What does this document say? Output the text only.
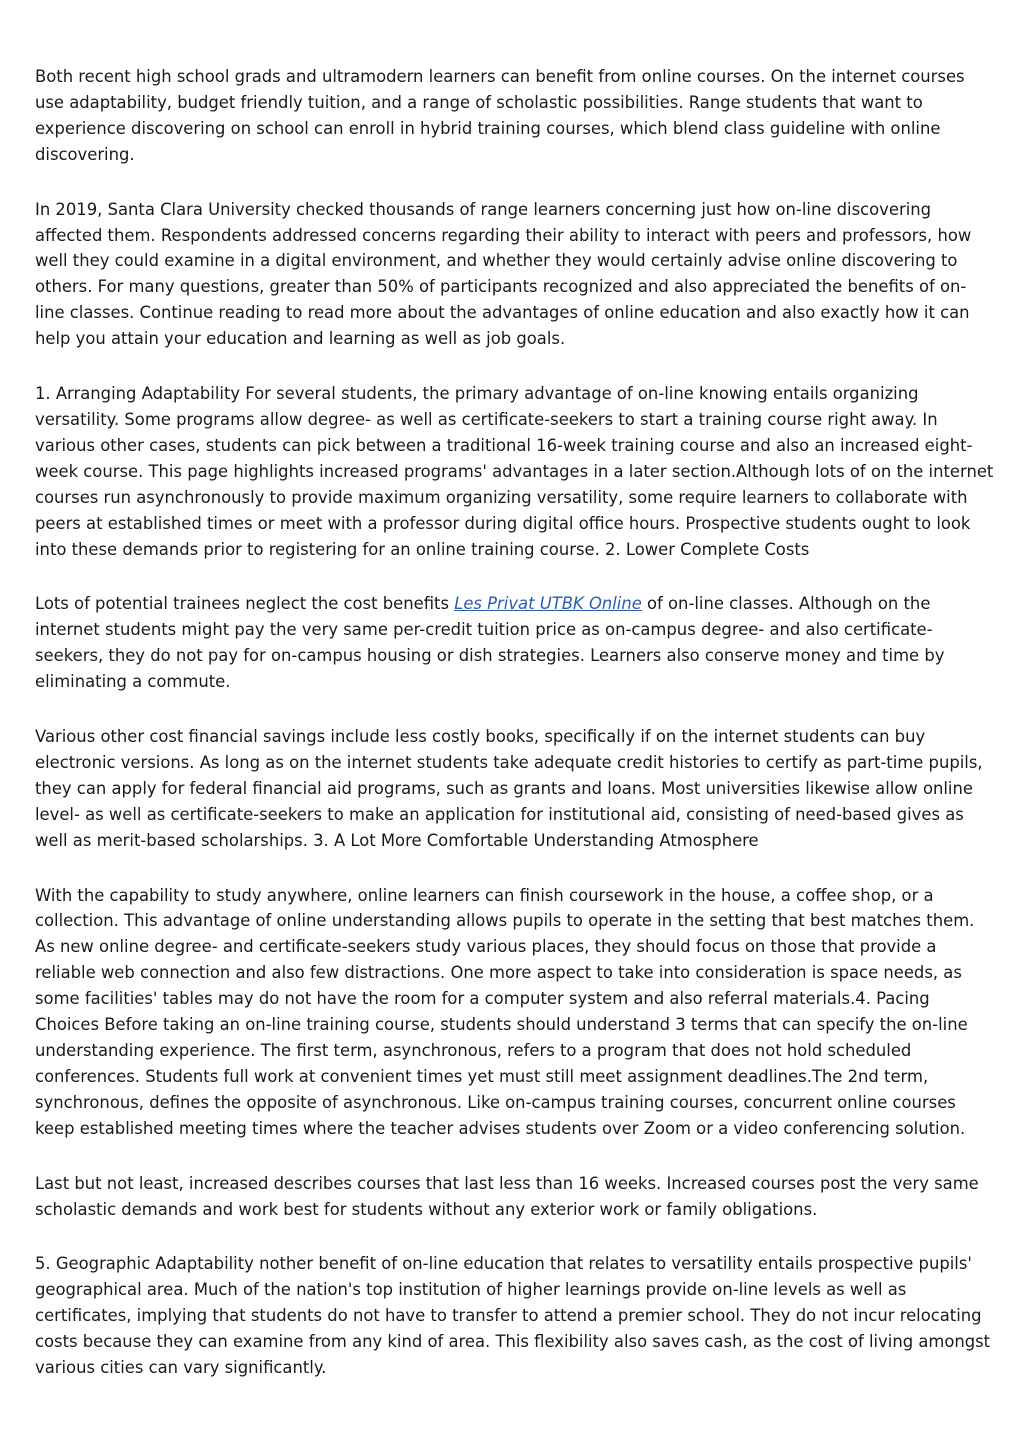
Both recent high school grads and ultramodern learners can benefit from online courses. On the internet courses use adaptability, budget friendly tuition, and a range of scholastic possibilities. Range students that want to experience discovering on school can enroll in hybrid training courses, which blend class guideline with online discovering.

In 2019, Santa Clara University checked thousands of range learners concerning just how on-line discovering affected them. Respondents addressed concerns regarding their ability to interact with peers and professors, how well they could examine in a digital environment, and whether they would certainly advise online discovering to others. For many questions, greater than 50% of participants recognized and also appreciated the benefits of on-line classes. Continue reading to read more about the advantages of online education and also exactly how it can help you attain your education and learning as well as job goals.

1. Arranging Adaptability For several students, the primary advantage of on-line knowing entails organizing versatility. Some programs allow degree- as well as certificate-seekers to start a training course right away. In various other cases, students can pick between a traditional 16-week training course and also an increased eight-week course. This page highlights increased programs' advantages in a later section.Although lots of on the internet courses run asynchronously to provide maximum organizing versatility, some require learners to collaborate with peers at established times or meet with a professor during digital office hours. Prospective students ought to look into these demands prior to registering for an online training course. 2. Lower Complete Costs

Lots of potential trainees neglect the cost benefits Les Privat UTBK Online of on-line classes. Although on the internet students might pay the very same per-credit tuition price as on-campus degree- and also certificate-seekers, they do not pay for on-campus housing or dish strategies. Learners also conserve money and time by eliminating a commute.

Various other cost financial savings include less costly books, specifically if on the internet students can buy electronic versions. As long as on the internet students take adequate credit histories to certify as part-time pupils, they can apply for federal financial aid programs, such as grants and loans. Most universities likewise allow online level- as well as certificate-seekers to make an application for institutional aid, consisting of need-based gives as well as merit-based scholarships. 3. A Lot More Comfortable Understanding Atmosphere

With the capability to study anywhere, online learners can finish coursework in the house, a coffee shop, or a collection. This advantage of online understanding allows pupils to operate in the setting that best matches them. As new online degree- and certificate-seekers study various places, they should focus on those that provide a reliable web connection and also few distractions. One more aspect to take into consideration is space needs, as some facilities' tables may do not have the room for a computer system and also referral materials.4. Pacing Choices Before taking an on-line training course, students should understand 3 terms that can specify the on-line understanding experience. The first term, asynchronous, refers to a program that does not hold scheduled conferences. Students full work at convenient times yet must still meet assignment deadlines.The 2nd term, synchronous, defines the opposite of asynchronous. Like on-campus training courses, concurrent online courses keep established meeting times where the teacher advises students over Zoom or a video conferencing solution.

Last but not least, increased describes courses that last less than 16 weeks. Increased courses post the very same scholastic demands and work best for students without any exterior work or family obligations.

5. Geographic Adaptability nother benefit of on-line education that relates to versatility entails prospective pupils' geographical area. Much of the nation's top institution of higher learnings provide on-line levels as well as certificates, implying that students do not have to transfer to attend a premier school. They do not incur relocating costs because they can examine from any kind of area. This flexibility also saves cash, as the cost of living amongst various cities can vary significantly.
